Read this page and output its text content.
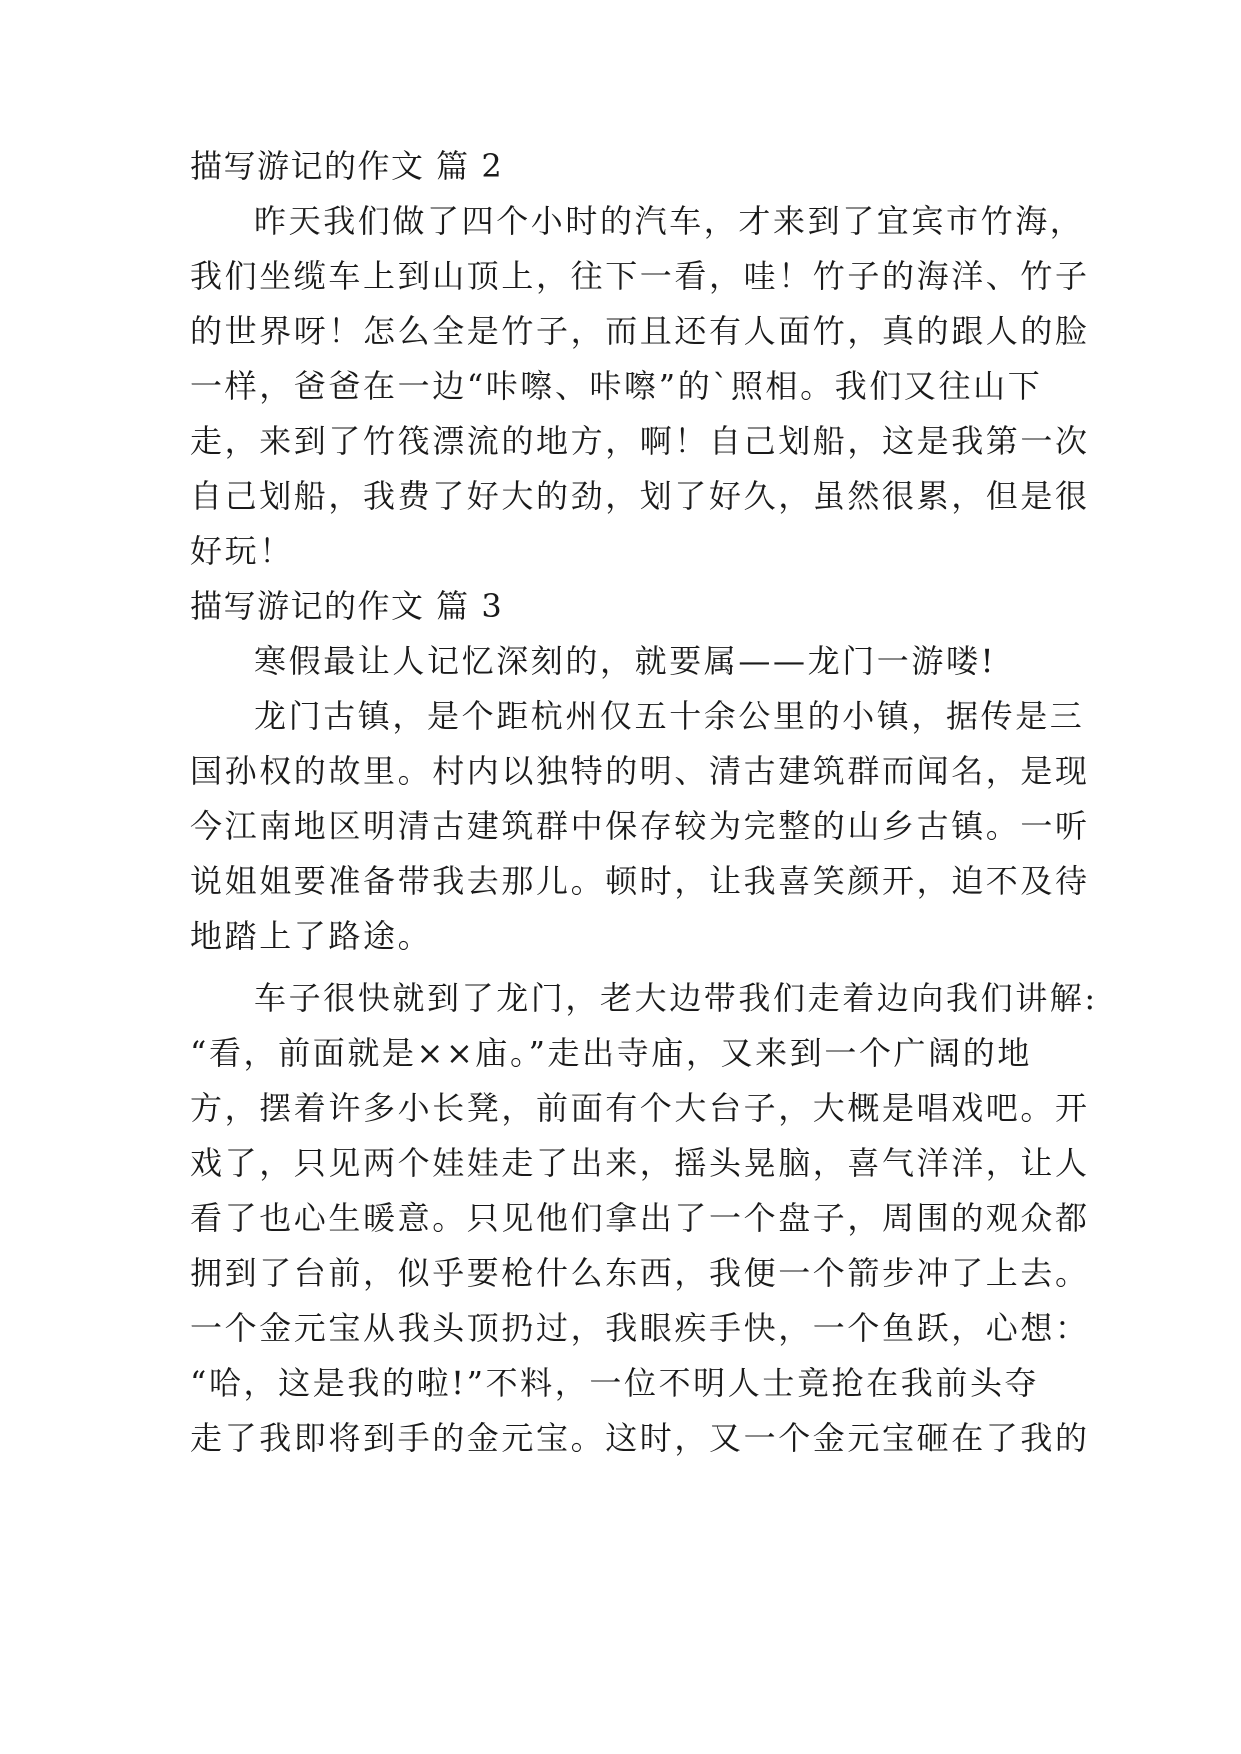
描写游记的作文 篇 2
昨天我们做了四个小时的汽车，才来到了宜宾市竹海，
我们坐缆车上到山顶上，往下一看，哇！竹子的海洋、竹子
的世界呀！怎么全是竹子，而且还有人面竹，真的跟人的脸
一样，爸爸在一边“咔嚓、咔嚓”的`照相。我们又往山下
走，来到了竹筏漂流的地方，啊！自己划船，这是我第一次
自己划船，我费了好大的劲，划了好久，虽然很累，但是很
好玩！
描写游记的作文 篇 3
寒假最让人记忆深刻的，就要属——龙门一游喽!
龙门古镇，是个距杭州仅五十余公里的小镇，据传是三
国孙权的故里。村内以独特的明、清古建筑群而闻名，是现
今江南地区明清古建筑群中保存较为完整的山乡古镇。一听
说姐姐要准备带我去那儿。顿时，让我喜笑颜开，迫不及待
地踏上了路途。
车子很快就到了龙门，老大边带我们走着边向我们讲解:
“看，前面就是××庙。”走出寺庙，又来到一个广阔的地
方，摆着许多小长凳，前面有个大台子，大概是唱戏吧。开
戏了，只见两个娃娃走了出来，摇头晃脑，喜气洋洋，让人
看了也心生暖意。只见他们拿出了一个盘子，周围的观众都
拥到了台前，似乎要枪什么东西，我便一个箭步冲了上去。
一个金元宝从我头顶扔过，我眼疾手快，一个鱼跃，心想：
“哈，这是我的啦!”不料，一位不明人士竟抢在我前头夺
走了我即将到手的金元宝。这时，又一个金元宝砸在了我的
